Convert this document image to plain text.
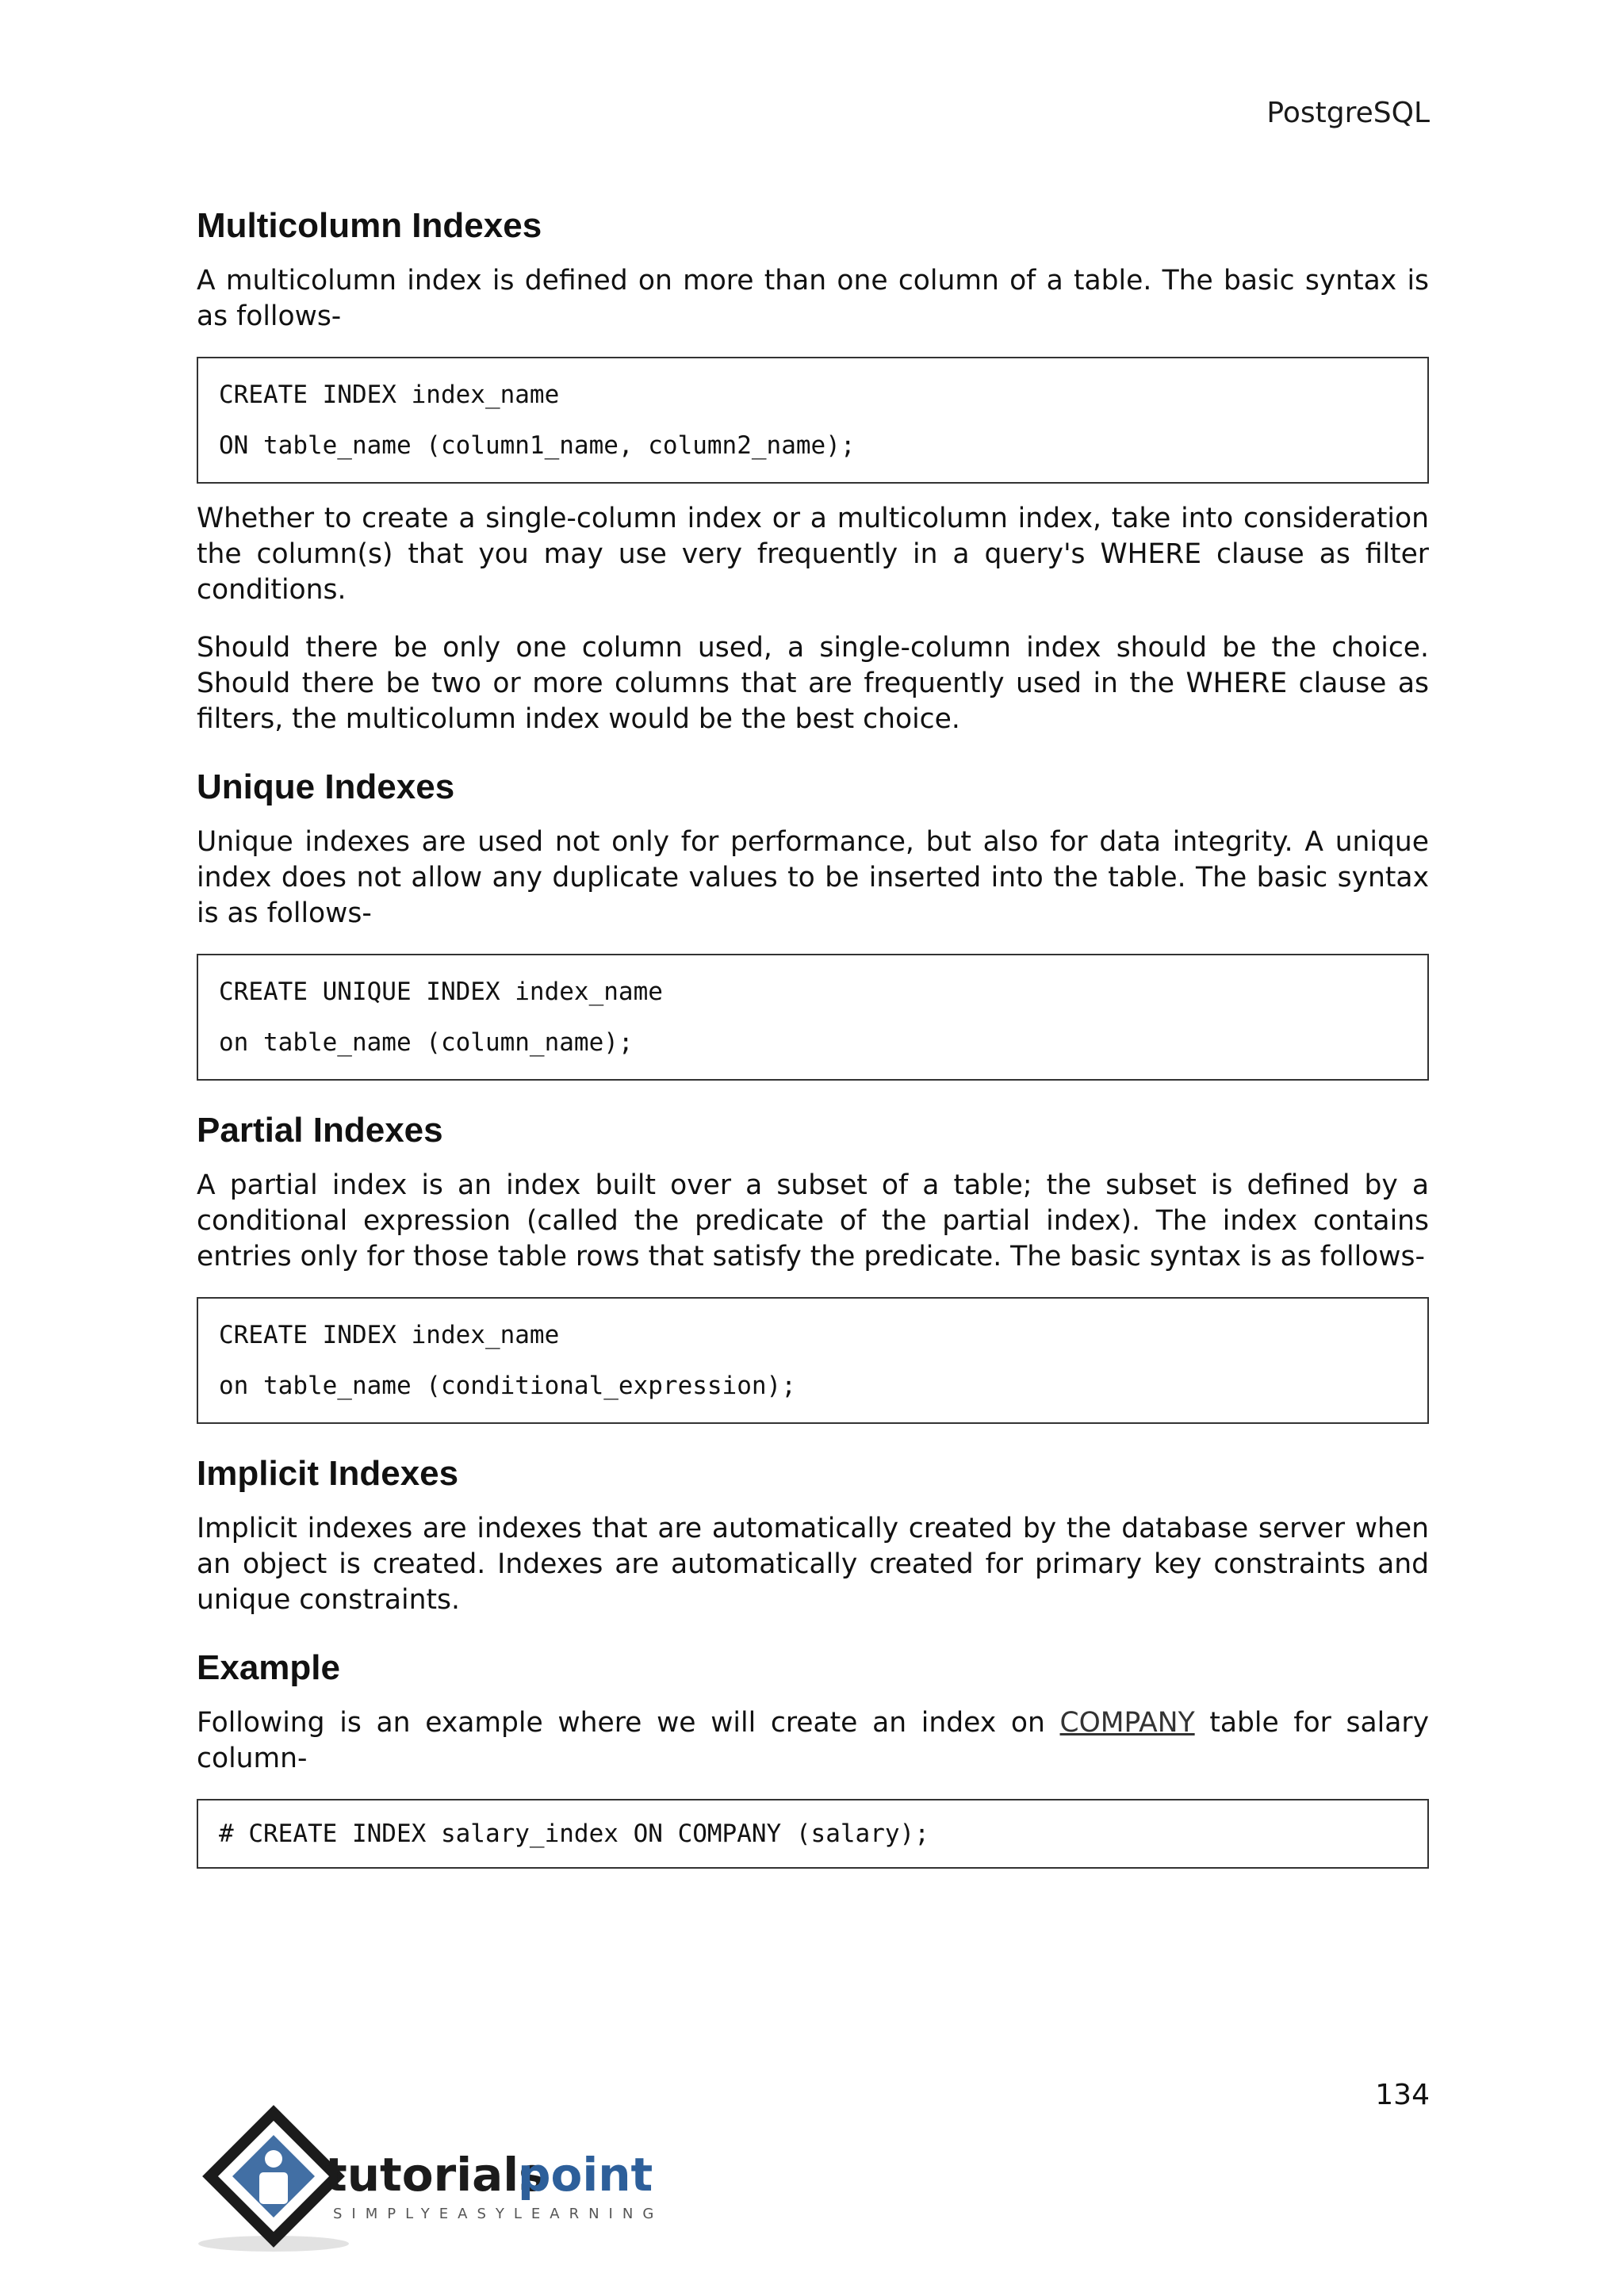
PostgreSQL
Multicolumn Indexes

A multicolumn index is defined on more than one column of a table. The basic syntax is as follows-

CREATE INDEX index_name
ON table_name (column1_name, column2_name);

Whether to create a single-column index or a multicolumn index, take into consideration the column(s) that you may use very frequently in a query's WHERE clause as filter conditions.

Should there be only one column used, a single-column index should be the choice. Should there be two or more columns that are frequently used in the WHERE clause as filters, the multicolumn index would be the best choice.

Unique Indexes

Unique indexes are used not only for performance, but also for data integrity. A unique index does not allow any duplicate values to be inserted into the table. The basic syntax is as follows-

CREATE UNIQUE INDEX index_name
on table_name (column_name);
Partial Indexes

A partial index is an index built over a subset of a table; the subset is defined by a conditional expression (called the predicate of the partial index). The index contains entries only for those table rows that satisfy the predicate. The basic syntax is as follows-

CREATE INDEX index_name
on table_name (conditional_expression);
Implicit Indexes

Implicit indexes are indexes that are automatically created by the database server when an object is created. Indexes are automatically created for primary key constraints and unique constraints.

Example

Following is an example where we will create an index on COMPANY table for salary column-

# CREATE INDEX salary_index ON COMPANY (salary);
134
tutorials
point
SIMPLYEASYLEARNING
